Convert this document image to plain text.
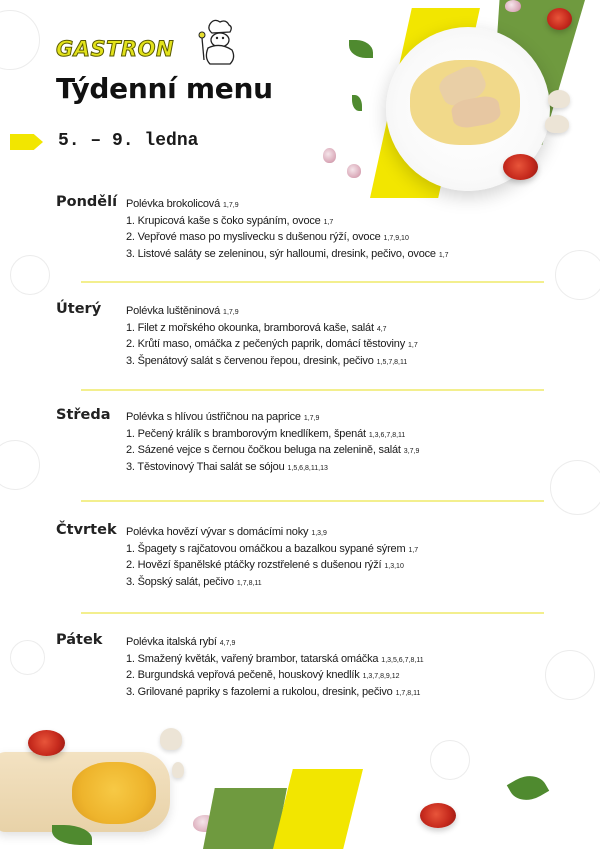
GASTRON
Týdenní menu
5. – 9. ledna
Pondělí Polévka brokolicová 1,7,9
1. Krupicová kaše s čoko sypáním, ovoce 1,7
2. Vepřové maso po myslivecku s dušenou rýží, ovoce 1,7,9,10
3. Listové saláty se zeleninou, sýr halloumi, dresink, pečivo, ovoce 1,7
Úterý Polévka luštěninová 1,7,9
1. Filet z mořského okounka, bramborová kaše, salát 4,7
2. Krůtí maso, omáčka z pečených paprik, domácí těstoviny 1,7
3. Špenátový salát s červenou řepou, dresink, pečivo 1,5,7,8,11
Středa Polévka s hlívou ústřičnou na paprice 1,7,9
1. Pečený králík s bramborovým knedlíkem, špenát 1,3,6,7,8,11
2. Sázené vejce s černou čočkou beluga na zelenině, salát 3,7,9
3. Těstovinový Thai salát se sójou 1,5,6,8,11,13
Čtvrtek Polévka hovězí vývar s domácími noky 1,3,9
1. Špagety s rajčatovou omáčkou a bazalkou sypané sýrem 1,7
2. Hovězí španělské ptáčky rozstřelené s dušenou rýží 1,3,10
3. Šopský salát, pečivo 1,7,8,11
Pátek Polévka italská rybí 4,7,9
1. Smažený květák, vařený brambor, tatarská omáčka 1,3,5,6,7,8,11
2. Burgundská vepřová pečeně, houskový knedlík 1,3,7,8,9,12
3. Grilované papriky s fazolemi a rukolou, dresink, pečivo 1,7,8,11
